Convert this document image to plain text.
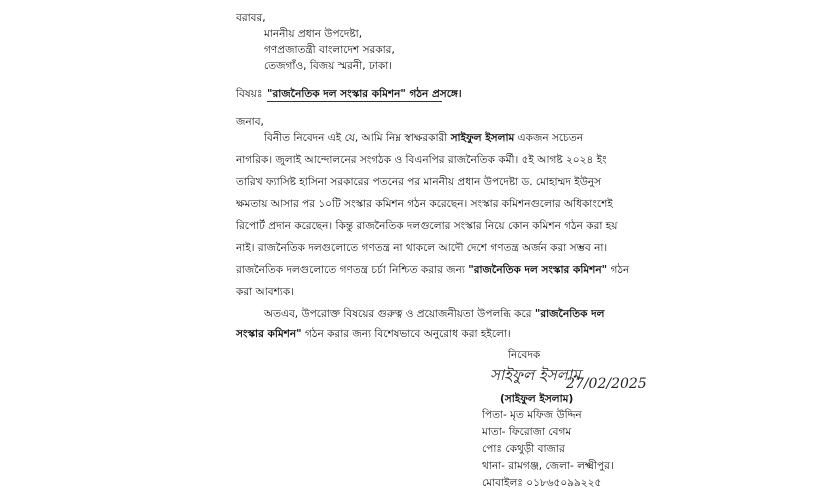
বরাবর,
মাননীয় প্রধান উপদেষ্টা,
গণপ্রজাতন্ত্রী বাংলাদেশ সরকার,
তেজগাঁও, বিজয় স্মরনী, ঢাকা।
বিষয়ঃ "রাজনৈতিক দল সংস্কার কমিশন" গঠন প্রসঙ্গে।
জনাব,
বিনীত নিবেদন এই যে, আমি নিম্ন স্বাক্ষরকারী সাইফুল ইসলাম একজন সচেতন
নাগরিক। জুলাই আন্দোলনের সংগঠক ও বিএনপির রাজনৈতিক কর্মী। ৫ই আগষ্ট ২০২৪ ইং
তারিখ ফ্যাসিষ্ট হাসিনা সরকারের পতনের পর মাননীয় প্রধান উপদেষ্টা ড. মোহাম্মদ ইউনুস
ক্ষমতায় আসার পর ১০টি সংস্কার কমিশন গঠন করেছেন। সংস্কার কমিশনগুলোর অধিকাংশেই
রিপোর্ট প্রদান করেছেন। কিন্তু রাজনৈতিক দলগুলোর সংস্কার নিয়ে কোন কমিশন গঠন করা হয়
নাই। রাজনৈতিক দলগুলোতে গণতন্ত্র না থাকলে আদৌ দেশে গণতন্ত্র অর্জন করা সম্ভব না।
রাজনৈতিক দলগুলোতে গণতন্ত্র চর্চা নিশ্চিত করার জন্য "রাজনৈতিক দল সংস্কার কমিশন" গঠন
করা আবশ্যক।
অতএব, উপরোক্ত বিষয়ের গুরুত্ব ও প্রয়োজনীয়তা উপলব্ধি করে "রাজনৈতিক দল
সংস্কার কমিশন" গঠন করার জন্য বিশেষভাবে অনুরোধ করা হইলো।
নিবেদক
সাইফুল ইসলাম
27/02/2025
(সাইফুল ইসলাম)
পিতা- মৃত মফিজ উদ্দিন
মাতা- ফিরোজা বেগম
পোঃ কেথুড়ী বাজার
থানা- রামগঞ্জ, জেলা- লক্ষ্মীপুর।
মোবাইলঃ ০১৮৬৫০৯৯২২৫
